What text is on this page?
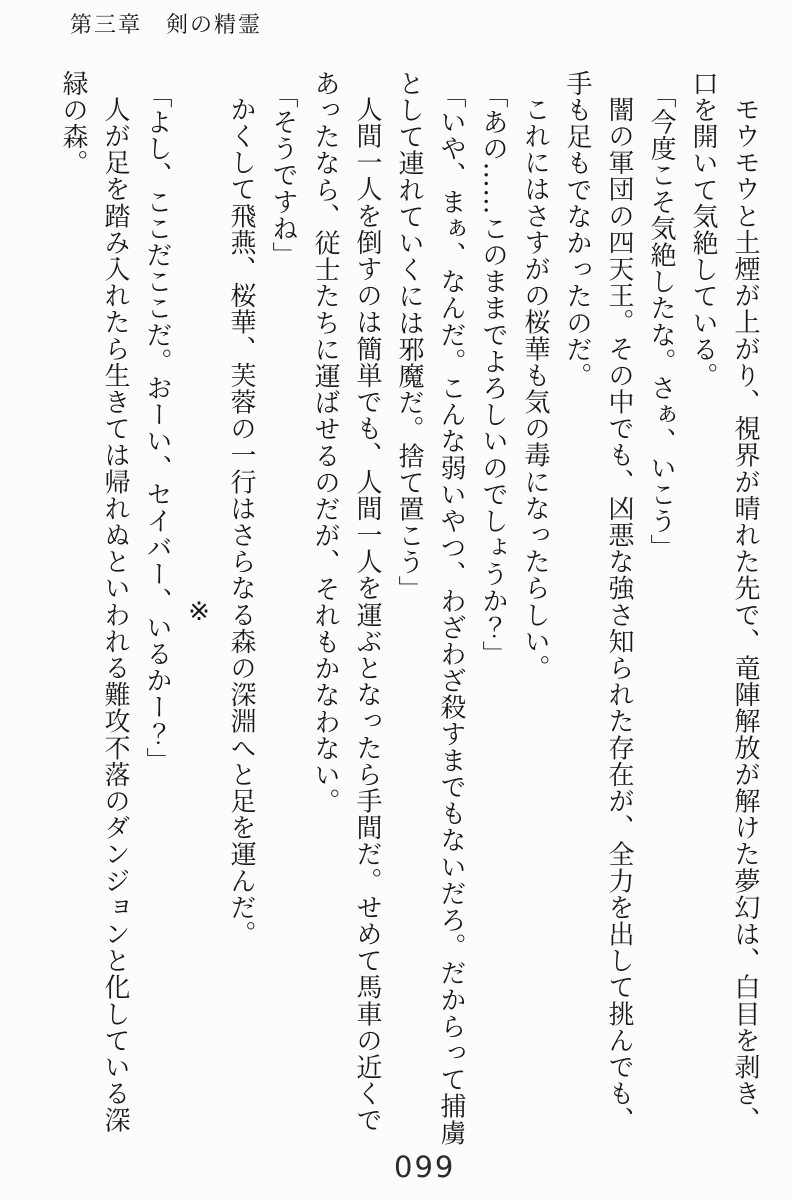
第三章　剣の精霊

モウモウと土煙が上がり、視界が晴れた先で、竜陣解放が解けた夢幻は、白目を剥き、

口を開いて気絶している。

「今度こそ気絶したな。さぁ、いこう」

闇の軍団の四天王。その中でも、凶悪な強さ知られた存在が、全力を出して挑んでも、

手も足もでなかったのだ。

これにはさすがの桜華も気の毒になったらしい。

「あの……このままでよろしいのでしょうか？」

「いや、まぁ、なんだ。こんな弱いやつ、わざわざ殺すまでもないだろ。だからって捕虜

として連れていくには邪魔だ。捨て置こう」

人間一人を倒すのは簡単でも、人間一人を運ぶとなったら手間だ。せめて馬車の近くで

あったなら、従士たちに運ばせるのだが、それもかなわない。

「そうですね」

かくして飛燕、桜華、芙蓉の一行はさらなる森の深淵へと足を運んだ。

※

「よし、ここだここだ。おーい、セイバー、いるかー？」

人が足を踏み入れたら生きては帰れぬといわれる難攻不落のダンジョンと化している深

緑の森。

099
